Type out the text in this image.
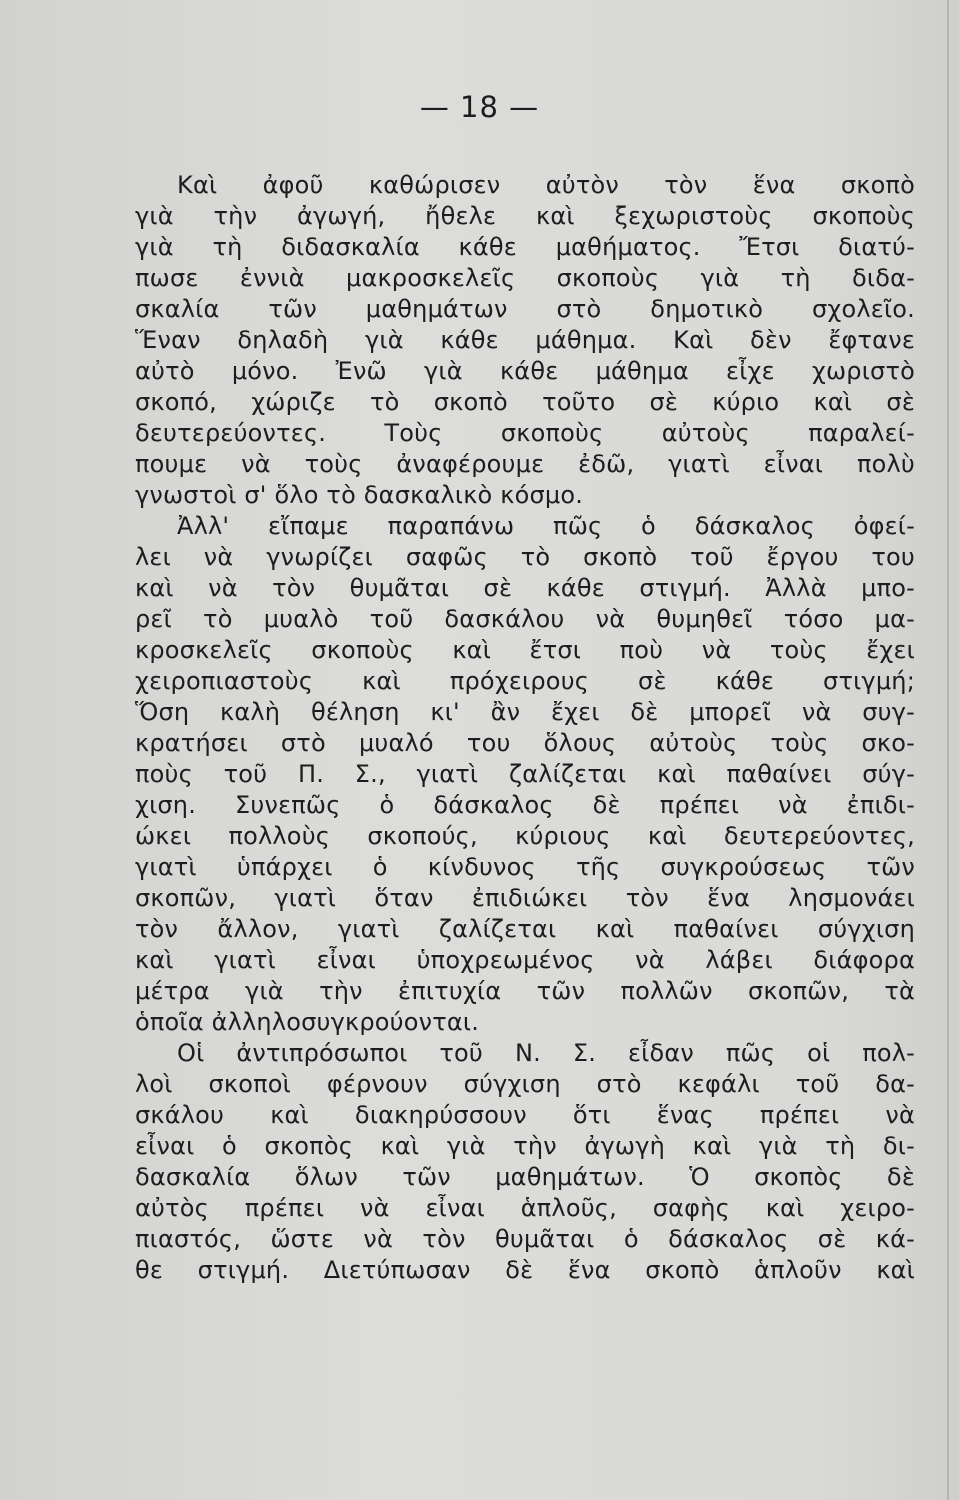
— 18 —
Καὶ ἀφοῦ καθώρισεν αὐτὸν τὸν ἕνα σκοπὸ
γιὰ τὴν ἀγωγή, ἤθελε καὶ ξεχωριστοὺς σκοποὺς
γιὰ τὴ διδασκαλία κάθε μαθήματος. Ἔτσι διατύ-
πωσε ἐννιὰ μακροσκελεῖς σκοποὺς γιὰ τὴ διδα-
σκαλία τῶν μαθημάτων στὸ δημοτικὸ σχολεῖο.
Ἕναν δηλαδὴ γιὰ κάθε μάθημα. Καὶ δὲν ἔφτανε
αὐτὸ μόνο. Ἐνῶ γιὰ κάθε μάθημα εἶχε χωριστὸ
σκοπό, χώριζε τὸ σκοπὸ τοῦτο σὲ κύριο καὶ σὲ
δευτερεύοντες. Τοὺς σκοποὺς αὐτοὺς παραλεί-
πουμε νὰ τοὺς ἀναφέρουμε ἐδῶ, γιατὶ εἶναι πολὺ
γνωστοὶ σ' ὅλο τὸ δασκαλικὸ κόσμο.
Ἀλλ' εἴπαμε παραπάνω πῶς ὁ δάσκαλος ὀφεί-
λει νὰ γνωρίζει σαφῶς τὸ σκοπὸ τοῦ ἔργου του
καὶ νὰ τὸν θυμᾶται σὲ κάθε στιγμή. Ἀλλὰ μπο-
ρεῖ τὸ μυαλὸ τοῦ δασκάλου νὰ θυμηθεῖ τόσο μα-
κροσκελεῖς σκοποὺς καὶ ἔτσι ποὺ νὰ τοὺς ἔχει
χειροπιαστοὺς καὶ πρόχειρους σὲ κάθε στιγμή;
Ὅση καλὴ θέληση κι' ἂν ἔχει δὲ μπορεῖ νὰ συγ-
κρατήσει στὸ μυαλό του ὅλους αὐτοὺς τοὺς σκο-
ποὺς τοῦ Π. Σ., γιατὶ ζαλίζεται καὶ παθαίνει σύγ-
χιση. Συνεπῶς ὁ δάσκαλος δὲ πρέπει νὰ ἐπιδι-
ώκει πολλοὺς σκοπούς, κύριους καὶ δευτερεύοντες,
γιατὶ ὑπάρχει ὁ κίνδυνος τῆς συγκρούσεως τῶν
σκοπῶν, γιατὶ ὅταν ἐπιδιώκει τὸν ἕνα λησμονάει
τὸν ἄλλον, γιατὶ ζαλίζεται καὶ παθαίνει σύγχιση
καὶ γιατὶ εἶναι ὑποχρεωμένος νὰ λάβει διάφορα
μέτρα γιὰ τὴν ἐπιτυχία τῶν πολλῶν σκοπῶν, τὰ
ὁποῖα ἀλληλοσυγκρούονται.
Οἱ ἀντιπρόσωποι τοῦ Ν. Σ. εἶδαν πῶς οἱ πολ-
λοὶ σκοποὶ φέρνουν σύγχιση στὸ κεφάλι τοῦ δα-
σκάλου καὶ διακηρύσσουν ὅτι ἕνας πρέπει νὰ
εἶναι ὁ σκοπὸς καὶ γιὰ τὴν ἀγωγὴ καὶ γιὰ τὴ δι-
δασκαλία ὅλων τῶν μαθημάτων. Ὁ σκοπὸς δὲ
αὐτὸς πρέπει νὰ εἶναι ἁπλοῦς, σαφὴς καὶ χειρο-
πιαστός, ὥστε νὰ τὸν θυμᾶται ὁ δάσκαλος σὲ κά-
θε στιγμή. Διετύπωσαν δὲ ἕνα σκοπὸ ἁπλοῦν καὶ
